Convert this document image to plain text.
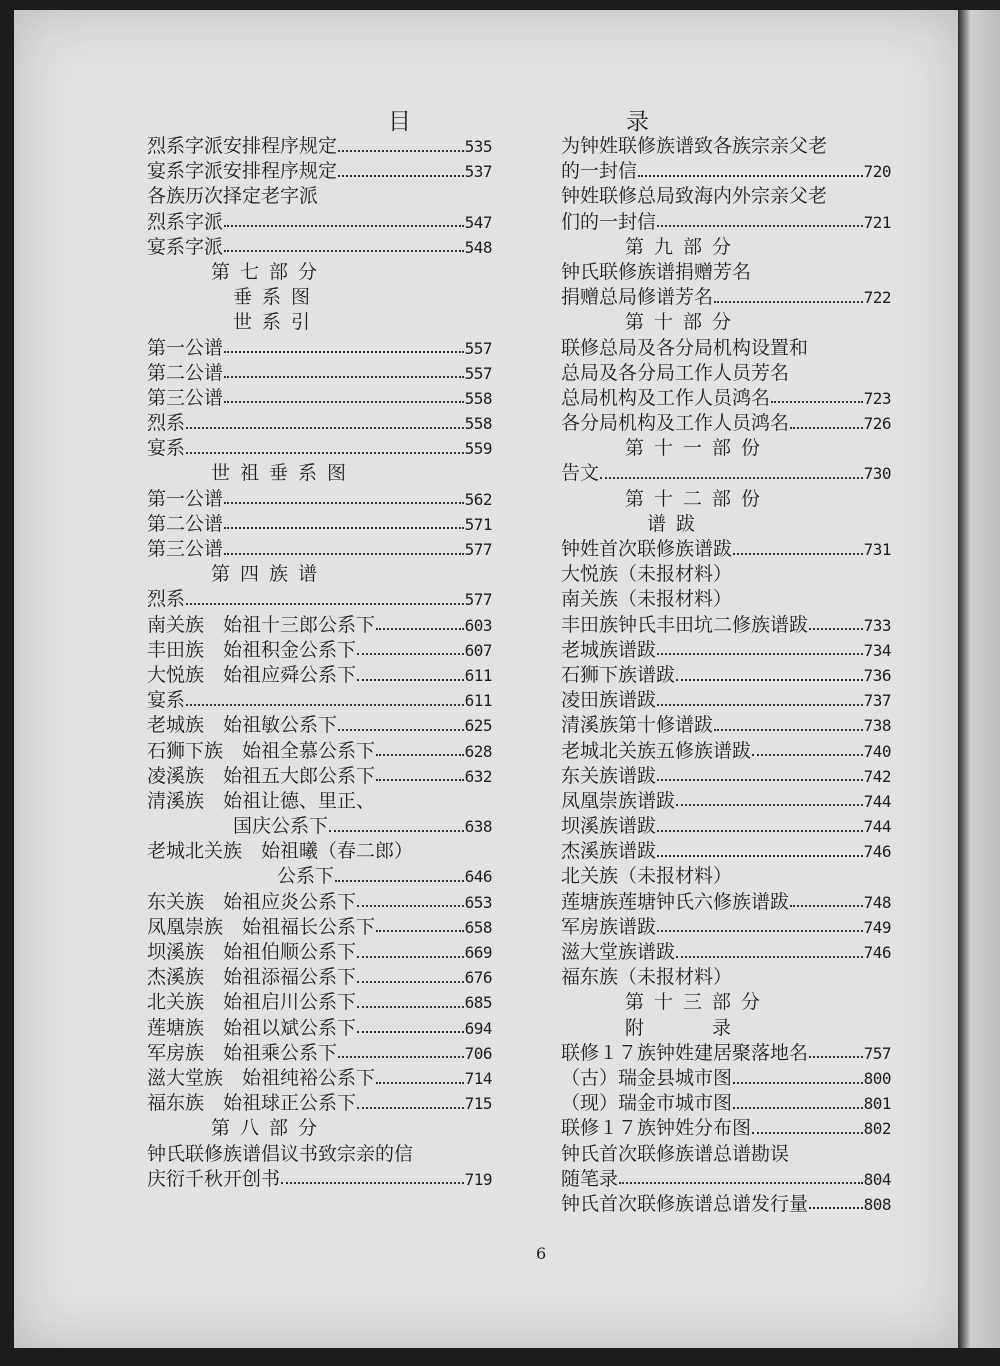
目	录
烈系字派安排程序规定	535
宴系字派安排程序规定	537
各族历次择定老字派
烈系字派	547
宴系字派	548
第七部分
垂系图
世系引
第一公谱	557
第二公谱	557
第三公谱	558
烈系	558
宴系	559
世祖垂系图
第一公谱	562
第二公谱	571
第三公谱	577
第四族谱
烈系	577
南关族　始祖十三郎公系下	603
丰田族　始祖积金公系下	607
大悦族　始祖应舜公系下	611
宴系	611
老城族　始祖敏公系下	625
石狮下族　始祖全慕公系下	628
凌溪族　始祖五大郎公系下	632
清溪族　始祖让德、里正、
国庆公系下	638
老城北关族　始祖曦（春二郎）
公系下	646
东关族　始祖应炎公系下	653
凤凰崇族　始祖福长公系下	658
坝溪族　始祖伯顺公系下	669
杰溪族　始祖添福公系下	676
北关族　始祖启川公系下	685
莲塘族　始祖以斌公系下	694
军房族　始祖乘公系下	706
滋大堂族　始祖纯裕公系下	714
福东族　始祖球正公系下	715
第八部分
钟氏联修族谱倡议书致宗亲的信
庆衍千秋开创书	719
为钟姓联修族谱致各族宗亲父老
的一封信	720
钟姓联修总局致海内外宗亲父老
们的一封信	721
第九部分
钟氏联修族谱捐赠芳名
捐赠总局修谱芳名	722
第十部分
联修总局及各分局机构设置和
总局及各分局工作人员芳名
总局机构及工作人员鸿名	723
各分局机构及工作人员鸿名	726
第十一部份
告文	730
第十二部份
谱跋
钟姓首次联修族谱跋	731
大悦族（未报材料）
南关族（未报材料）
丰田族钟氏丰田坑二修族谱跋	733
老城族谱跋	734
石狮下族谱跋	736
凌田族谱跋	737
清溪族第十修谱跋	738
老城北关族五修族谱跋	740
东关族谱跋	742
凤凰崇族谱跋	744
坝溪族谱跋	744
杰溪族谱跋	746
北关族（未报材料）
莲塘族莲塘钟氏六修族谱跋	748
军房族谱跋	749
滋大堂族谱跋	746
福东族（未报材料）
第十三部分
附　　录
联修１７族钟姓建居聚落地名	757
（古）瑞金县城市图	800
（现）瑞金市城市图	801
联修１７族钟姓分布图	802
钟氏首次联修族谱总谱勘误
随笔录	804
钟氏首次联修族谱总谱发行量	808
6
